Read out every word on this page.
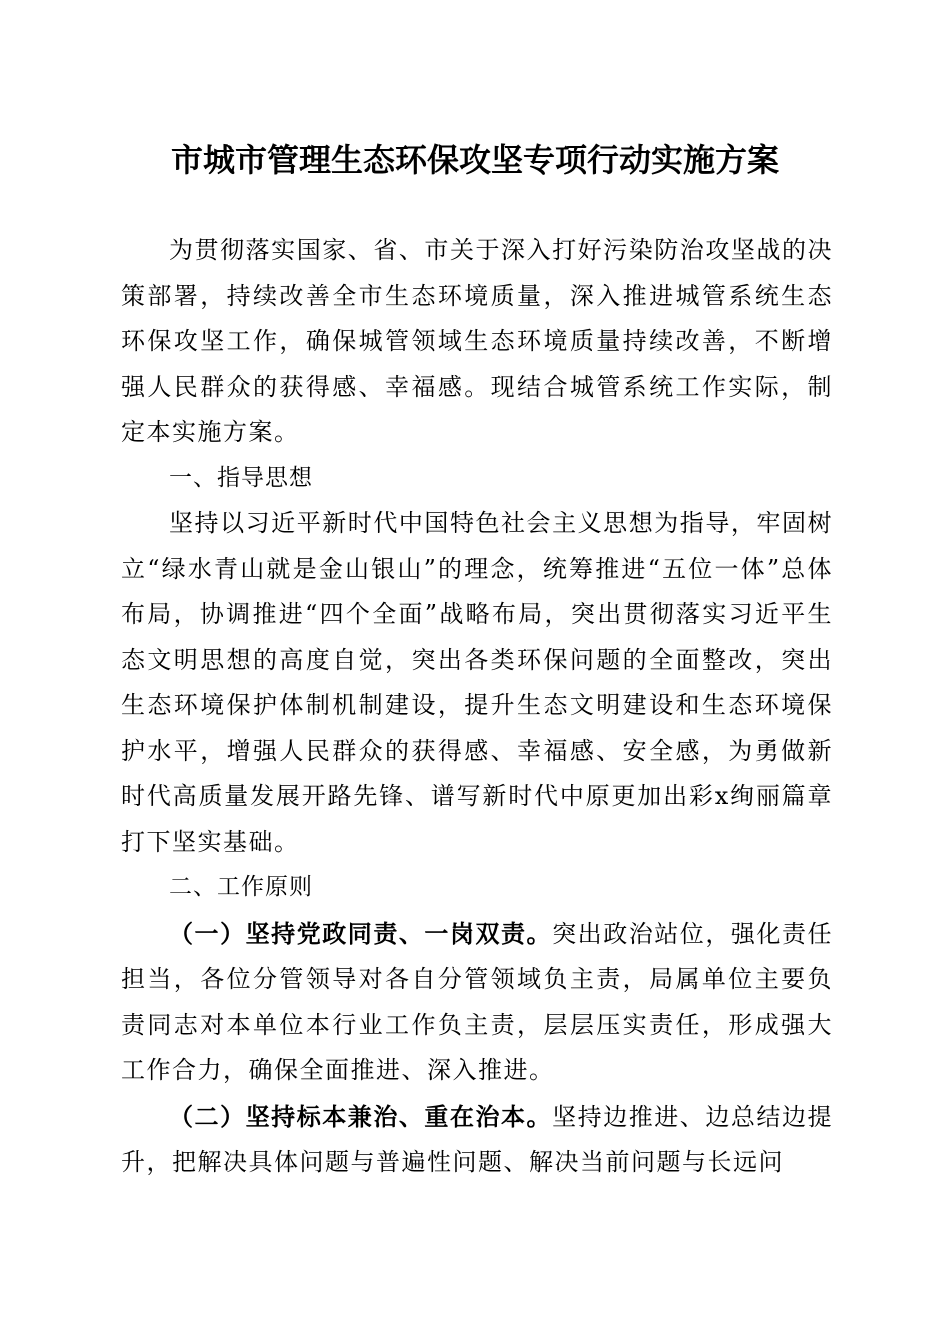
市城市管理生态环保攻坚专项行动实施方案

为贯彻落实国家、省、市关于深入打好污染防治攻坚战的决策部署，持续改善全市生态环境质量，深入推进城管系统生态环保攻坚工作，确保城管领域生态环境质量持续改善，不断增强人民群众的获得感、幸福感。现结合城管系统工作实际，制定本实施方案。

一、指导思想

坚持以习近平新时代中国特色社会主义思想为指导，牢固树立“绿水青山就是金山银山”的理念，统筹推进“五位一体”总体布局，协调推进“四个全面”战略布局，突出贯彻落实习近平生态文明思想的高度自觉，突出各类环保问题的全面整改，突出生态环境保护体制机制建设，提升生态文明建设和生态环境保护水平，增强人民群众的获得感、幸福感、安全感，为勇做新时代高质量发展开路先锋、谱写新时代中原更加出彩x绚丽篇章打下坚实基础。

二、工作原则

（一）坚持党政同责、一岗双责。突出政治站位，强化责任担当，各位分管领导对各自分管领域负主责，局属单位主要负责同志对本单位本行业工作负主责，层层压实责任，形成强大工作合力，确保全面推进、深入推进。

（二）坚持标本兼治、重在治本。坚持边推进、边总结边提升，把解决具体问题与普遍性问题、解决当前问题与长远问
